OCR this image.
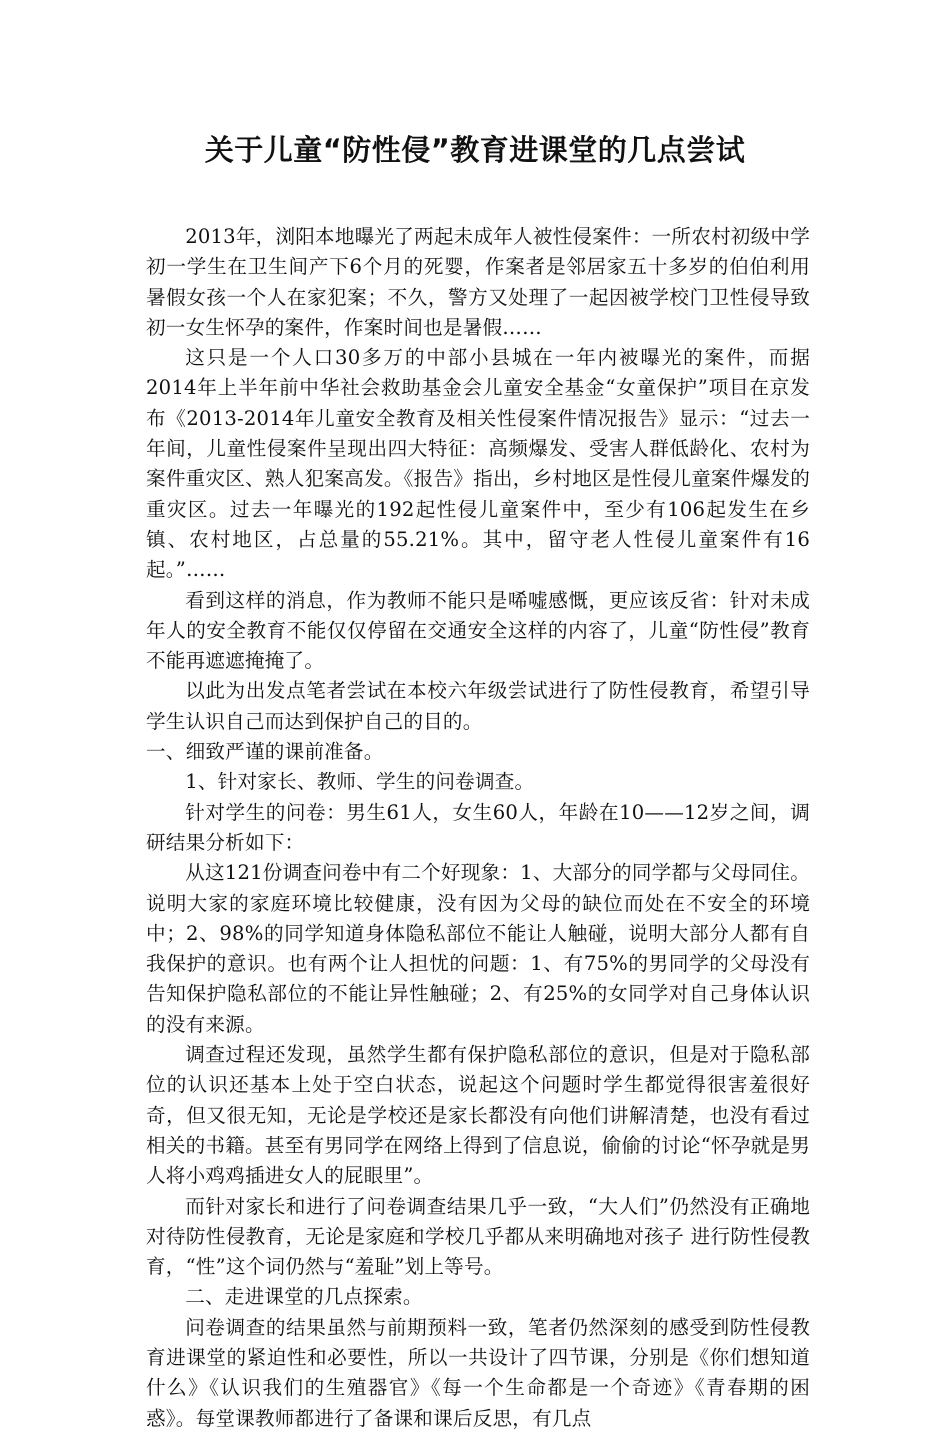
关于儿童“防性侵”教育进课堂的几点尝试

2013年，浏阳本地曝光了两起未成年人被性侵案件：一所农村初级中学初一学生在卫生间产下6个月的死婴，作案者是邻居家五十多岁的伯伯利用暑假女孩一个人在家犯案；不久，警方又处理了一起因被学校门卫性侵导致初一女生怀孕的案件，作案时间也是暑假……

这只是一个人口30多万的中部小县城在一年内被曝光的案件，而据2014年上半年前中华社会救助基金会儿童安全基金“女童保护”项目在京发布《2013-2014年儿童安全教育及相关性侵案件情况报告》显示：“过去一年间，儿童性侵案件呈现出四大特征：高频爆发、受害人群低龄化、农村为案件重灾区、熟人犯案高发。《报告》指出，乡村地区是性侵儿童案件爆发的重灾区。过去一年曝光的192起性侵儿童案件中，至少有106起发生在乡镇、农村地区，占总量的55.21%。其中，留守老人性侵儿童案件有16起。”……

看到这样的消息，作为教师不能只是唏嘘感慨，更应该反省：针对未成年人的安全教育不能仅仅停留在交通安全这样的内容了，儿童“防性侵”教育不能再遮遮掩掩了。

以此为出发点笔者尝试在本校六年级尝试进行了防性侵教育，希望引导学生认识自己而达到保护自己的目的。

一、细致严谨的课前准备。

1、针对家长、教师、学生的问卷调查。

针对学生的问卷：男生61人，女生60人，年龄在10——12岁之间，调研结果分析如下：

从这121份调查问卷中有二个好现象：1、大部分的同学都与父母同住。说明大家的家庭环境比较健康，没有因为父母的缺位而处在不安全的环境中；2、98%的同学知道身体隐私部位不能让人触碰，说明大部分人都有自我保护的意识。也有两个让人担忧的问题：1、有75%的男同学的父母没有告知保护隐私部位的不能让异性触碰；2、有25%的女同学对自己身体认识的没有来源。

调查过程还发现，虽然学生都有保护隐私部位的意识，但是对于隐私部位的认识还基本上处于空白状态，说起这个问题时学生都觉得很害羞很好奇，但又很无知，无论是学校还是家长都没有向他们讲解清楚，也没有看过相关的书籍。甚至有男同学在网络上得到了信息说，偷偷的讨论“怀孕就是男人将小鸡鸡插进女人的屁眼里”。

而针对家长和进行了问卷调查结果几乎一致，“大人们”仍然没有正确地对待防性侵教育，无论是家庭和学校几乎都从来明确地对孩子 进行防性侵教育，“性”这个词仍然与“羞耻”划上等号。

二、走进课堂的几点探索。

问卷调查的结果虽然与前期预料一致，笔者仍然深刻的感受到防性侵教育进课堂的紧迫性和必要性，所以一共设计了四节课，分别是《你们想知道什么》《认识我们的生殖器官》《每一个生命都是一个奇迹》《青春期的困惑》。每堂课教师都进行了备课和课后反思，有几点
